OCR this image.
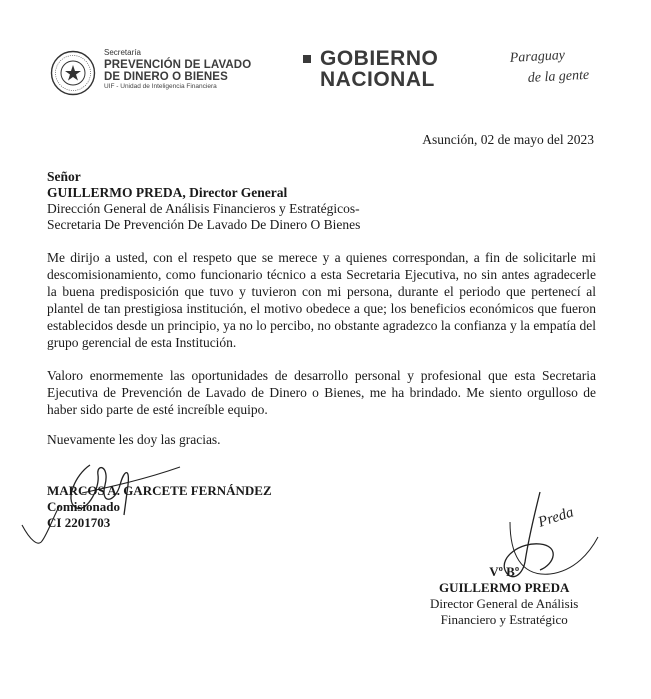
Secretaría
PREVENCIÓN DE LAVADO
DE DINERO O BIENES
UIF - Unidad de Inteligencia Financiera
GOBIERNO
NACIONAL
Paraguay
de la gente
Asunción, 02 de mayo del 2023
Señor
GUILLERMO PREDA, Director General
Dirección General de Análisis Financieros y Estratégicos-
Secretaria De Prevención De Lavado De Dinero O Bienes

Me dirijo a usted, con el respeto que se merece y a quienes correspondan, a fin de solicitarle mi descomisionamiento, como funcionario técnico a esta Secretaria Ejecutiva, no sin antes agradecerle la buena predisposición que tuvo y tuvieron con mi persona, durante el periodo que pertenecí al plantel de tan prestigiosa institución, el motivo obedece a que; los beneficios económicos que fueron establecidos desde un principio, ya no lo percibo, no obstante agradezco la confianza y la empatía del grupo gerencial de esta Institución.

Valoro enormemente las oportunidades de desarrollo personal y profesional que esta Secretaria Ejecutiva de Prevención de Lavado de Dinero o Bienes, me ha brindado. Me siento orgulloso de haber sido parte de esté increíble equipo.

Nuevamente les doy las gracias.
MARCOS A. GARCETE FERNÁNDEZ
Comisionado
CI 2201703	Preda
Vº Bº
GUILLERMO PREDA
Director General de Análisis
Financiero y Estratégico
